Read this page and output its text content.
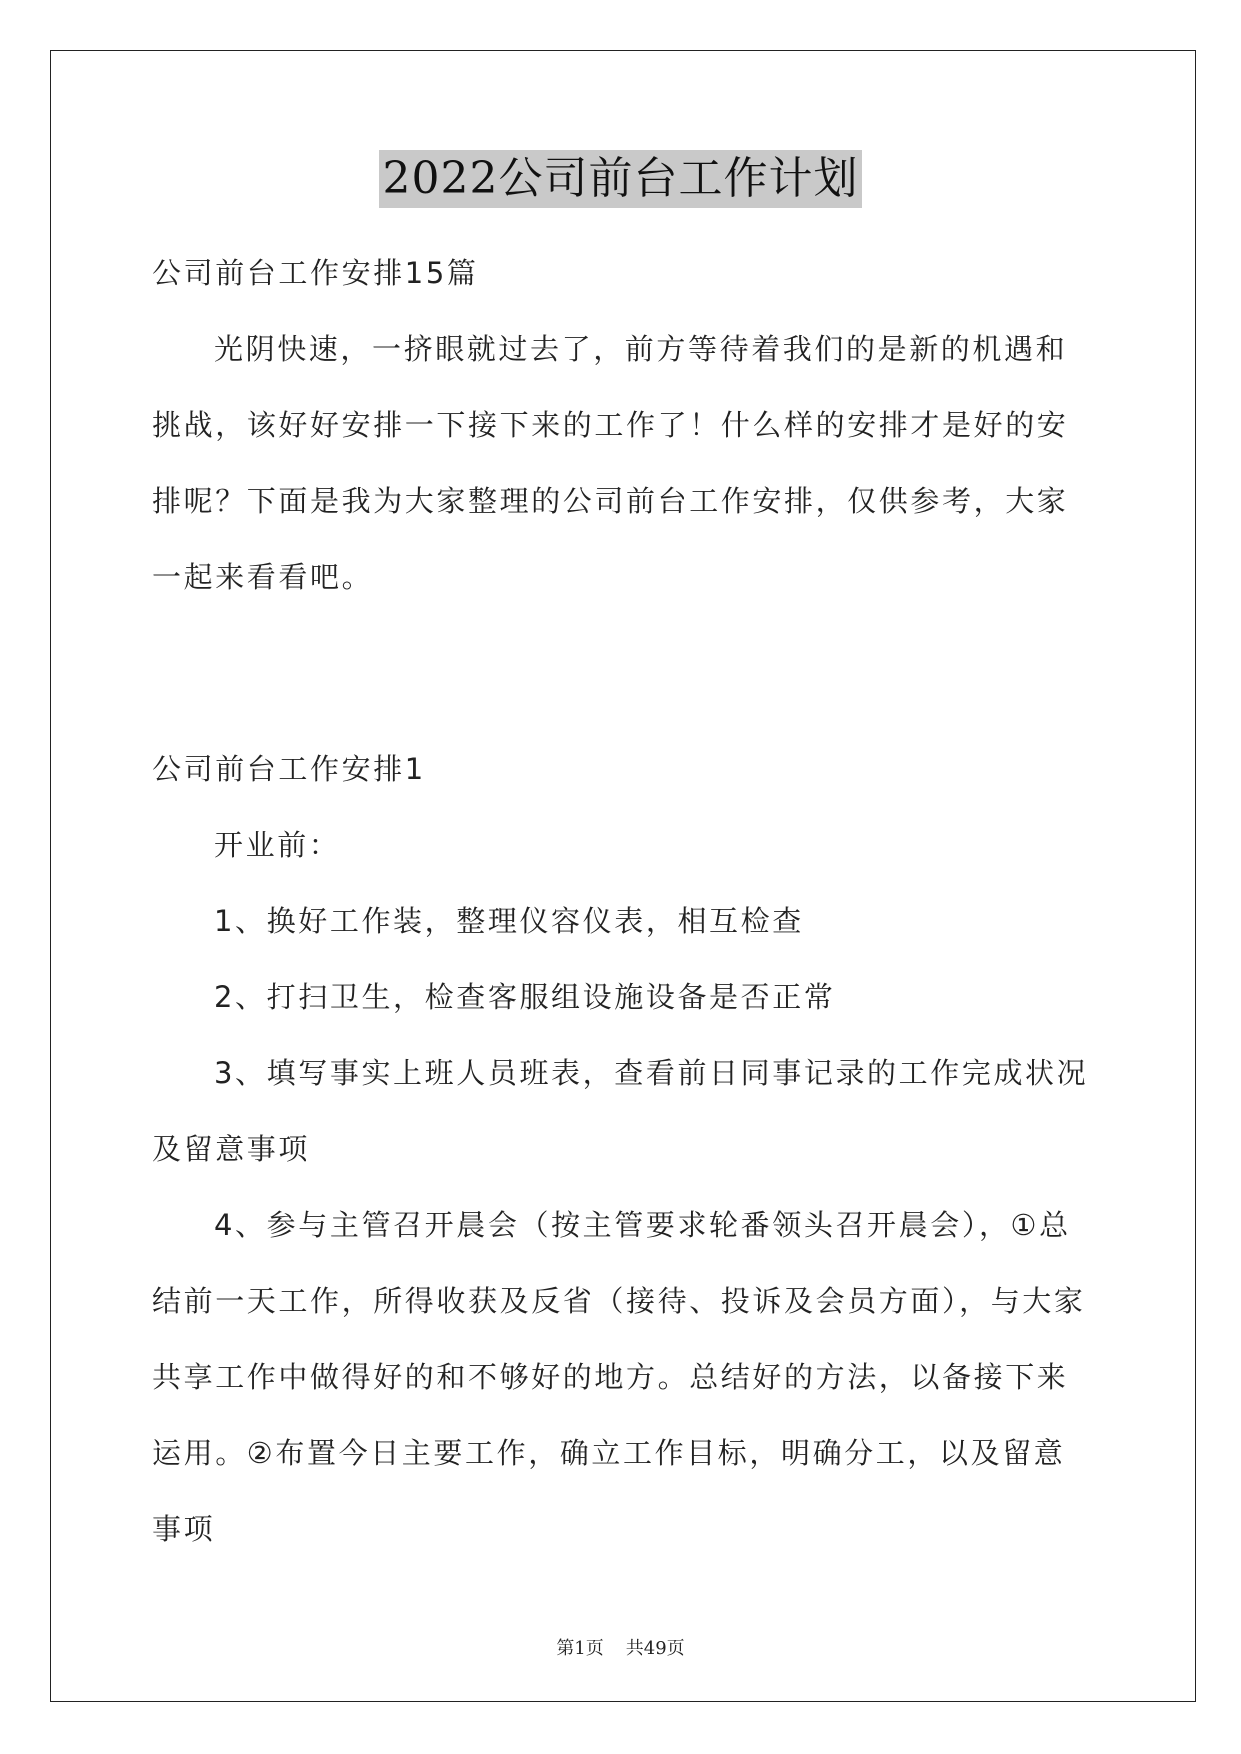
2022公司前台工作计划

公司前台工作安排15篇

光阴快速，一挤眼就过去了，前方等待着我们的是新的机遇和挑战，该好好安排一下接下来的工作了！什么样的安排才是好的安排呢？下面是我为大家整理的公司前台工作安排，仅供参考，大家一起来看看吧。

公司前台工作安排1

开业前：

1、换好工作装，整理仪容仪表，相互检查

2、打扫卫生，检查客服组设施设备是否正常

3、填写事实上班人员班表，查看前日同事记录的工作完成状况及留意事项

4、参与主管召开晨会（按主管要求轮番领头召开晨会），①总结前一天工作，所得收获及反省（接待、投诉及会员方面），与大家共享工作中做得好的和不够好的地方。总结好的方法，以备接下来运用。②布置今日主要工作，确立工作目标，明确分工，以及留意事项

第1页 共49页
